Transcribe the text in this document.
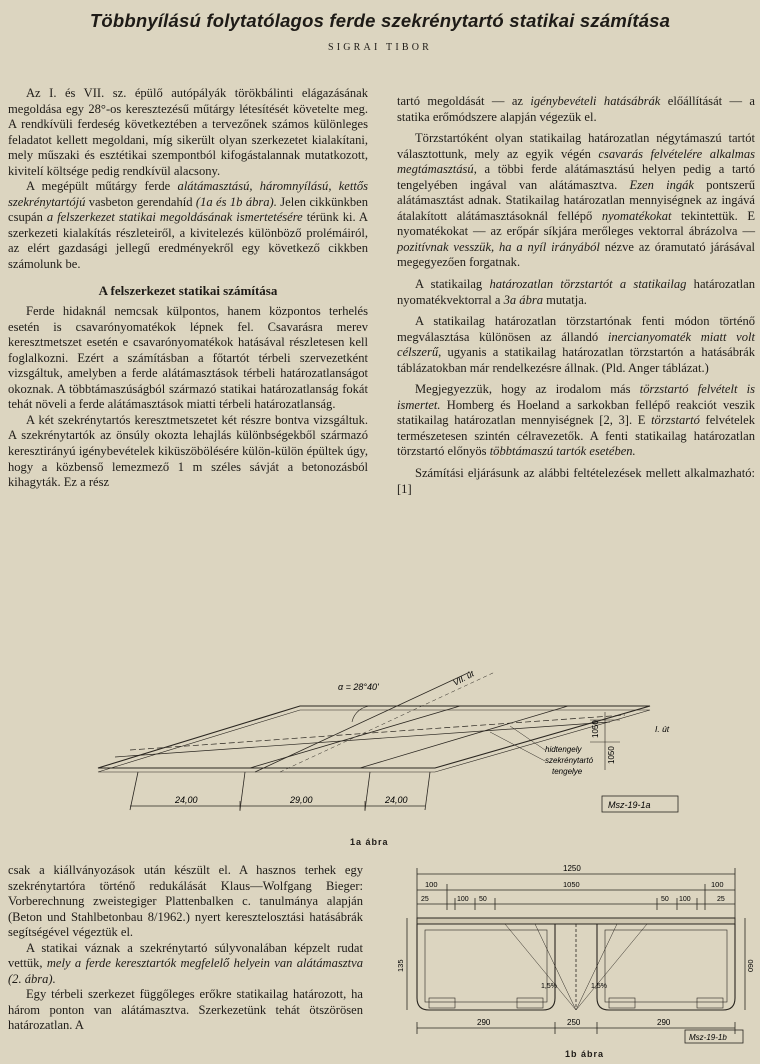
Többnyílású folytatólagos ferde szekrénytartó statikai számítása
SIGRAI TIBOR

Az I. és VII. sz. épülő autópályák törökbálinti elágazásának megoldása egy 28°-os keresztezésű műtárgy létesítését követelte meg. A rendkívüli ferdeség következtében a tervezőnek számos különleges feladatot kellett megoldani, míg sikerült olyan szerkezetet kialakítani, mely műszaki és esztétikai szempontból kifogástalannak mutatkozott, kivitelí költsége pedig rendkívül alacsony.

A megépült műtárgy ferde alátámasztású, háromnyílású, kettős szekrénytartójú vasbeton gerendahíd (1a és 1b ábra). Jelen cikkünkben csupán a felszerkezet statikai megoldásának ismertetésére térünk ki. A szerkezeti kialakítás részleteiről, a kivitelezés különböző prolémáiról, az elért gazdasági jellegű eredményekről egy következő cikkben számolunk be.

A felszerkezet statikai számítása

Ferde hidaknál nemcsak külpontos, hanem központos terhelés esetén is csavarónyomatékok lépnek fel. Csavarásra merev keresztmetszet esetén e csavarónyomatékok hatásával részletesen kell foglalkozni. Ezért a számításban a főtartót térbeli szervezetként vizsgáltuk, amelyben a ferde alátámasztások térbeli határozatlanságot okoznak. A többtámaszúságból származó statikai határozatlanság fokát tehát növeli a ferde alátámasztások miatti térbeli határozatlanság.

A két szekrénytartós keresztmetszetet két részre bontva vizsgáltuk. A szekrénytartók az önsúly okozta lehajlás különbségekből származó keresztirányú igénybevételek kiküszöbölésére külön-külön épültek úgy, hogy a közbenső lemezmező 1 m széles sávját a betonozásból kihagyták. Ez a rész

tartó megoldását — az igénybevételi hatásábrák előállítását — a statika erőmódszere alapján végezük el.

Törzstartóként olyan statikailag határozatlan négytámaszú tartót választottunk, mely az egyik végén csavarás felvételére alkalmas megtámasztású, a többi ferde alátámasztású helyen pedig a tartó tengelyében ingával van alátámasztva. Ezen ingák pontszerű alátámasztást adnak. Statikailag határozatlan mennyiségnek az ingává átalakított alátámasztásoknál fellépő nyomatékokat tekintettük. E nyomatékokat — az erőpár síkjára merőleges vektorral ábrázolva — pozitívnak vesszük, ha a nyíl irányából nézve az óramutató járásával megegyezően forgatnak.

A statikailag határozatlan törzstartót a statikailag határozatlan nyomatékvektorral a 3a ábra mutatja.

A statikailag határozatlan törzstartónak fenti módon történő megválasztása különösen az állandó inercianyomaték miatt volt célszerű, ugyanis a statikailag határozatlan törzstartón a hatásábrák táblázatokban már rendelkezésre állnak. (Pld. Anger táblázat.)

Megjegyezzük, hogy az irodalom más törzstartó felvételt is ismertet. Homberg és Hoeland a sarkokban fellépő reakciót veszik statikailag határozatlan mennyiségnek [2, 3]. E törzstartó felvételek természetesen szintén célravezetők. A fenti statikailag határozatlan törzstartó előnyös többtámaszú tartók esetében.

Számítási eljárásunk az alábbi feltételezések mellett alkalmazható: [1]

α = 28°40'	VII. út
I. út
1050
1050
hidtengely
szekrénytartó
tengelye
24,00	29,00	24,00	Msz-19-1a
1a ábra

csak a kiállványozások után készült el. A hasznos terhek egy szekrénytartóra történő redukálását Klaus—Wolfgang Bieger: Vorberechnung zweistegiger Plattenbalken c. tanulmánya alapján (Beton und Stahlbetonbau 8/1962.) nyert keresztelosztási hatásábrák segítségével végeztük el.

A statikai váznak a szekrénytartó súlyvonalában képzelt rudat vettük, mely a ferde keresztartók megfelelő helyein van alátámasztva (2. ábra).

Egy térbeli szerkezet függőleges erőkre statikailag határozott, ha három ponton van alátámasztva. Szerkezetünk tehát ötszörösen határozatlan. A

1250
100	1050	100
25	100 50	50 100	25
135	090
1,5%	1,5%
290	250	290
Msz-19-1b
1b ábra
